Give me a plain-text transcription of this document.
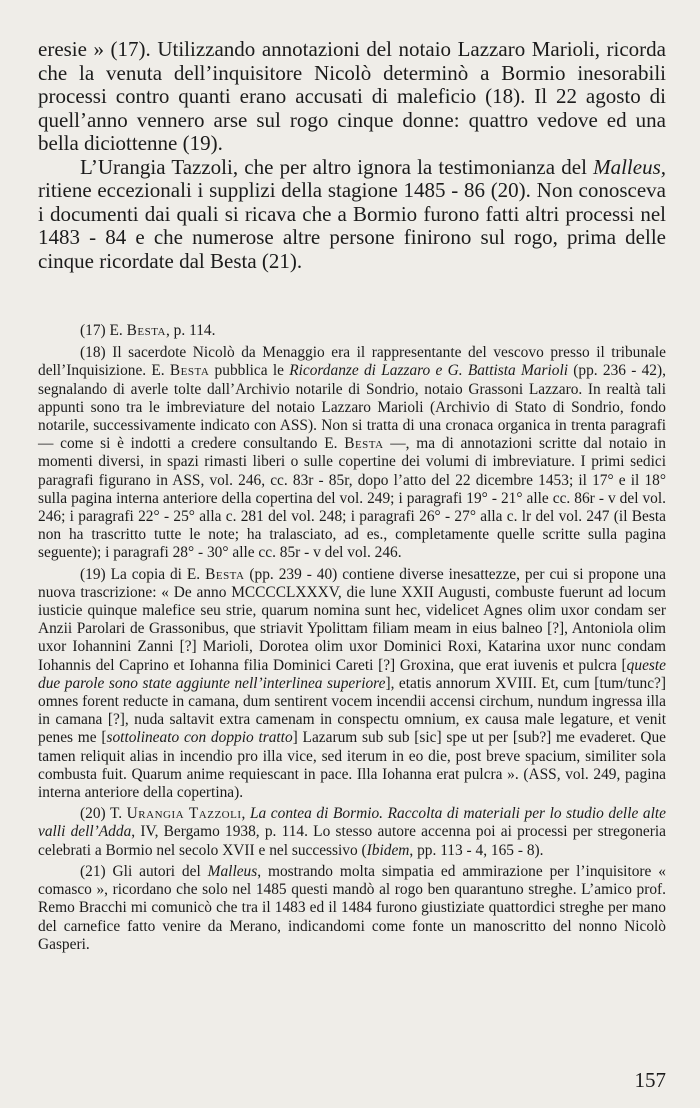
eresie » (17). Utilizzando annotazioni del notaio Lazzaro Marioli, ricorda che la venuta dell’inquisitore Nicolò determinò a Bormio inesorabili processi contro quanti erano accusati di maleficio (18). Il 22 agosto di quell’anno vennero arse sul rogo cinque donne: quattro vedove ed una bella diciottenne (19).

L’Urangia Tazzoli, che per altro ignora la testimonianza del Malleus, ritiene eccezionali i supplizi della stagione 1485 - 86 (20). Non conosceva i documenti dai quali si ricava che a Bormio furono fatti altri processi nel 1483 - 84 e che numerose altre persone finirono sul rogo, prima delle cinque ricordate dal Besta (21).

(17) E. Besta, p. 114.

(18) Il sacerdote Nicolò da Menaggio era il rappresentante del vescovo presso il tribunale dell’Inquisizione. E. Besta pubblica le Ricordanze di Lazzaro e G. Battista Marioli (pp. 236 - 42), segnalando di averle tolte dall’Archivio notarile di Sondrio, notaio Grassoni Lazzaro. In realtà tali appunti sono tra le imbreviature del notaio Lazzaro Marioli (Archivio di Stato di Sondrio, fondo notarile, successivamente indicato con ASS). Non si tratta di una cronaca organica in trenta paragrafi — come si è indotti a credere consultando E. Besta —, ma di annotazioni scritte dal notaio in momenti diversi, in spazi rimasti liberi o sulle copertine dei volumi di imbreviature. I primi sedici paragrafi figurano in ASS, vol. 246, cc. 83r - 85r, dopo l’atto del 22 dicembre 1453; il 17° e il 18° sulla pagina interna anteriore della copertina del vol. 249; i paragrafi 19° - 21° alle cc. 86r - v del vol. 246; i paragrafi 22° - 25° alla c. 281 del vol. 248; i paragrafi 26° - 27° alla c. lr del vol. 247 (il Besta non ha trascritto tutte le note; ha tralasciato, ad es., completamente quelle scritte sulla pagina seguente); i paragrafi 28° - 30° alle cc. 85r - v del vol. 246.

(19) La copia di E. Besta (pp. 239 - 40) contiene diverse inesattezze, per cui si propone una nuova trascrizione: « De anno MCCCCLXXXV, die lune XXII Augusti, combuste fuerunt ad locum iusticie quinque malefice seu strie, quarum nomina sunt hec, videlicet Agnes olim uxor condam ser Anzii Parolari de Grassonibus, que striavit Ypolittam filiam meam in eius balneo [?], Antoniola olim uxor Iohannini Zanni [?] Marioli, Dorotea olim uxor Dominici Roxi, Katarina uxor nunc condam Iohannis del Caprino et Iohanna filia Dominici Careti [?] Groxina, que erat iuvenis et pulcra [queste due parole sono state aggiunte nell’interlinea superiore], etatis annorum XVIII. Et, cum [tum/tunc?] omnes forent reducte in camana, dum sentirent vocem incendii accensi circhum, nundum ingressa illa in camana [?], nuda saltavit extra camenam in conspectu omnium, ex causa male legature, et venit penes me [sottolineato con doppio tratto] Lazarum sub sub [sic] spe ut per [sub?] me evaderet. Que tamen reliquit alias in incendio pro illa vice, sed iterum in eo die, post breve spacium, similiter sola combusta fuit. Quarum anime requiescant in pace. Illa Iohanna erat pulcra ». (ASS, vol. 249, pagina interna anteriore della copertina).

(20) T. Urangia Tazzoli, La contea di Bormio. Raccolta di materiali per lo studio delle alte valli dell’Adda, IV, Bergamo 1938, p. 114. Lo stesso autore accenna poi ai processi per stregoneria celebrati a Bormio nel secolo XVII e nel successivo (Ibidem, pp. 113 - 4, 165 - 8).

(21) Gli autori del Malleus, mostrando molta simpatia ed ammirazione per l’inquisitore « comasco », ricordano che solo nel 1485 questi mandò al rogo ben quarantuno streghe. L’amico prof. Remo Bracchi mi comunicò che tra il 1483 ed il 1484 furono giustiziate quattordici streghe per mano del carnefice fatto venire da Merano, indicandomi come fonte un manoscritto del nonno Nicolò Gasperi.

157
